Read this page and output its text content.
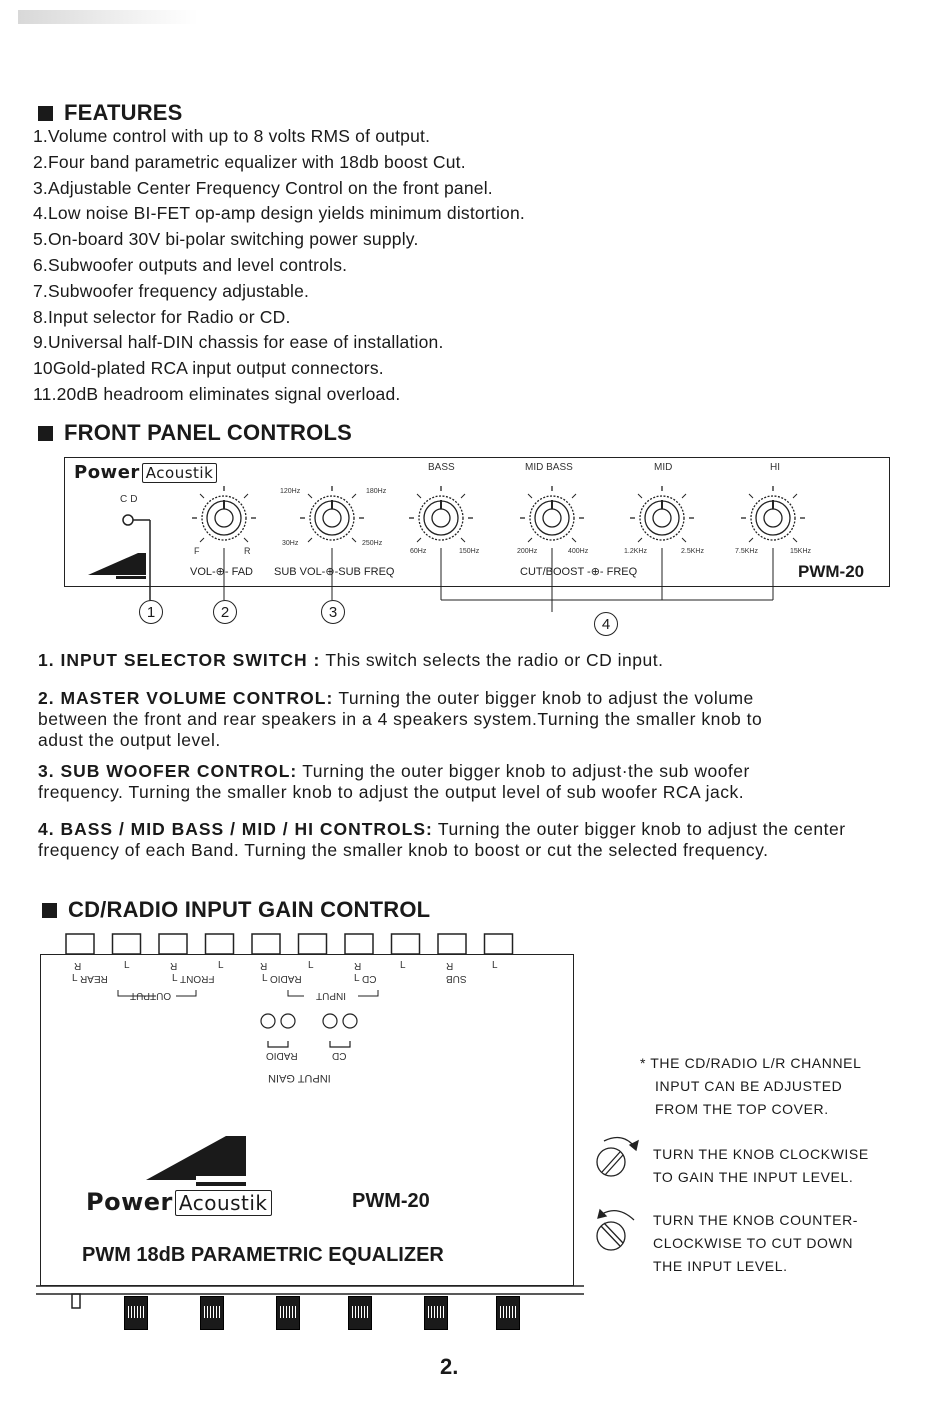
FEATURES
1.Volume control with up to 8 volts RMS of output.
2.Four band parametric equalizer with 18db boost Cut.
3.Adjustable Center Frequency Control on the front panel.
4.Low noise BI-FET op-amp design yields minimum distortion.
5.On-board 30V bi-polar switching power supply.
6.Subwoofer outputs and level controls.
7.Subwoofer frequency adjustable.
8.Input selector for Radio or CD.
9.Universal half-DIN chassis for ease of installation.
10Gold-plated RCA input output connectors.
11.20dB headroom eliminates signal overload.
FRONT PANEL CONTROLS
Power Acoustik
CD
BASS	MID BASS	MID	HI
120Hz	180Hz
30Hz	250Hz
60Hz	150Hz	200Hz	400Hz	1.2KHz	2.5KHz	7.5KHz	15KHz
F	R
VOL-⊕- FAD SUB VOL-⊕-SUB FREQ	CUT/BOOST -⊕- FREQ	PWM-20
1	2	3
4
1. INPUT SELECTOR SWITCH : This switch selects the radio or CD input.
2. MASTER VOLUME CONTROL: Turning the outer bigger knob to adjust the volume
between the front and rear speakers in a 4 speakers system.Turning the smaller knob to
adust the output level.
3. SUB WOOFER CONTROL: Turning the outer bigger knob to adjust·the sub woofer
frequency. Turning the smaller knob to adjust the output level of sub woofer RCA jack.
4. BASS / MID BASS / MID / HI CONTROLS: Turning the outer bigger knob to adjust the center
frequency of each Band. Turning the smaller knob to boost or cut the selected frequency.
CD/RADIO INPUT GAIN CONTROL
R	L	R	L	R	L	R	L	R	L
L REAR	L FRONT	L RADIO	L CD	SUB
OUTPUT	INPUT
RADIO	CD
INPUT GAIN
Power Acoustik	PWM-20
PWM 18dB PARAMETRIC EQUALIZER
* THE CD/RADIO L/R CHANNEL
INPUT CAN BE ADJUSTED
FROM THE TOP COVER.
TURN THE KNOB CLOCKWISE
TO GAIN THE INPUT LEVEL.
TURN THE KNOB COUNTER-
CLOCKWISE TO CUT DOWN
THE INPUT LEVEL.
2.
